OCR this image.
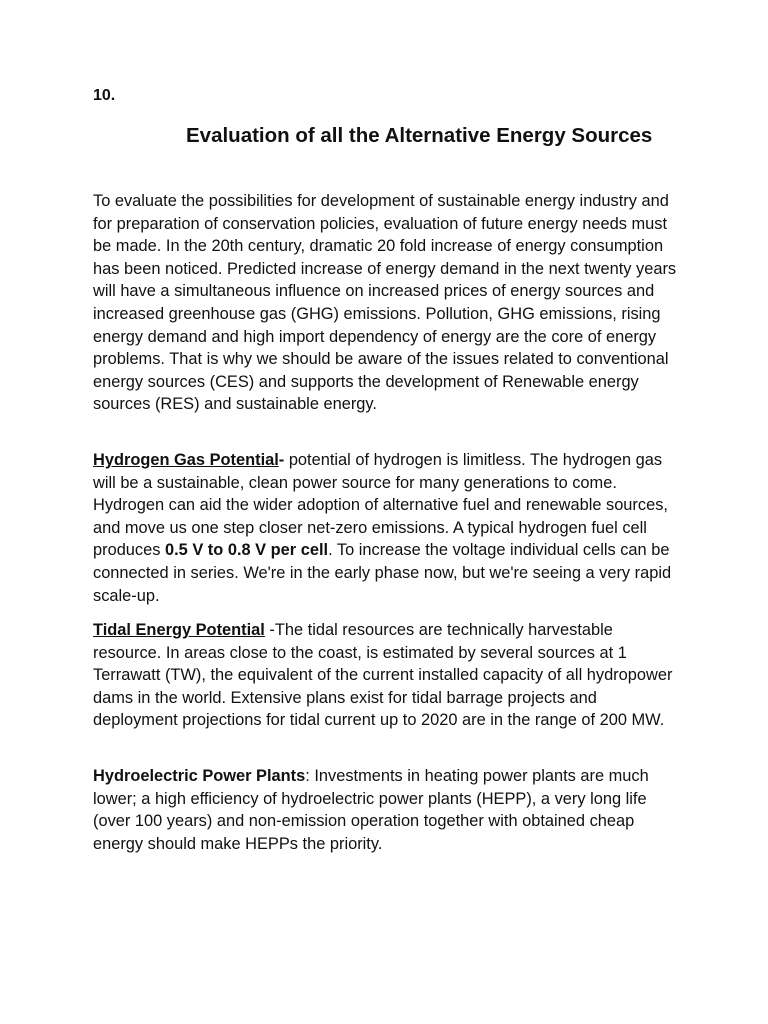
10.

Evaluation of all the Alternative Energy Sources

To evaluate the possibilities for development of sustainable energy industry and for preparation of conservation policies, evaluation of future energy needs must be made. In the 20th century, dramatic 20 fold increase of energy consumption has been noticed. Predicted increase of energy demand in the next twenty years will have a simultaneous influence on increased prices of energy sources and increased greenhouse gas (GHG) emissions. Pollution, GHG emissions, rising energy demand and high import dependency of energy are the core of energy problems. That is why we should be aware of the issues related to conventional energy sources (CES) and supports the development of Renewable energy sources (RES) and sustainable energy.

Hydrogen Gas Potential- potential of hydrogen is limitless. The hydrogen gas will be a sustainable, clean power source for many generations to come. Hydrogen can aid the wider adoption of alternative fuel and renewable sources, and move us one step closer net-zero emissions. A typical hydrogen fuel cell produces 0.5 V to 0.8 V per cell. To increase the voltage individual cells can be connected in series. We're in the early phase now, but we're seeing a very rapid scale-up.

Tidal Energy Potential -The tidal resources are technically harvestable resource. In areas close to the coast, is estimated by several sources at 1 Terrawatt (TW), the equivalent of the current installed capacity of all hydropower dams in the world. Extensive plans exist for tidal barrage projects and deployment projections for tidal current up to 2020 are in the range of 200 MW.

Hydroelectric Power Plants: Investments in heating power plants are much lower; a high efficiency of hydroelectric power plants (HEPP), a very long life (over 100 years) and non-emission operation together with obtained cheap energy should make HEPPs the priority.
